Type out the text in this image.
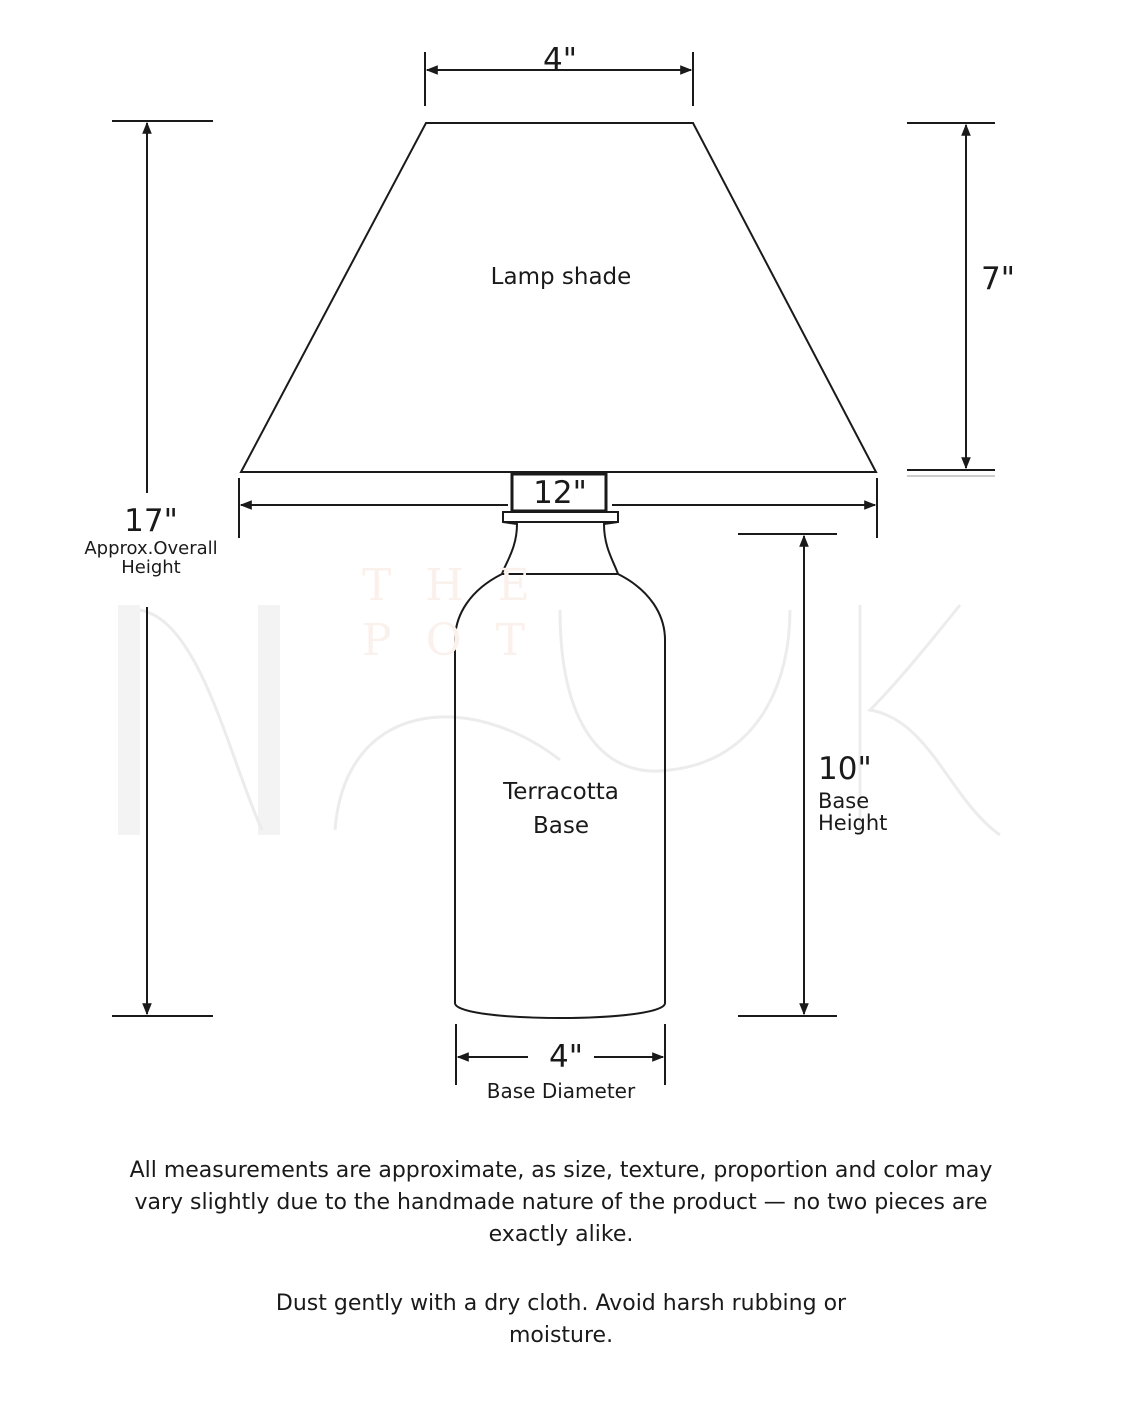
THE
POT
Lamp shade
Terracotta
Base
4"
7"
12"
17"
Approx.Overall
Height
10"
Base
Height
4"
Base Diameter
All measurements are approximate, as size, texture, proportion and color may vary slightly due to the handmade nature of the product — no two pieces are exactly alike.
Dust gently with a dry cloth. Avoid harsh rubbing or moisture.
